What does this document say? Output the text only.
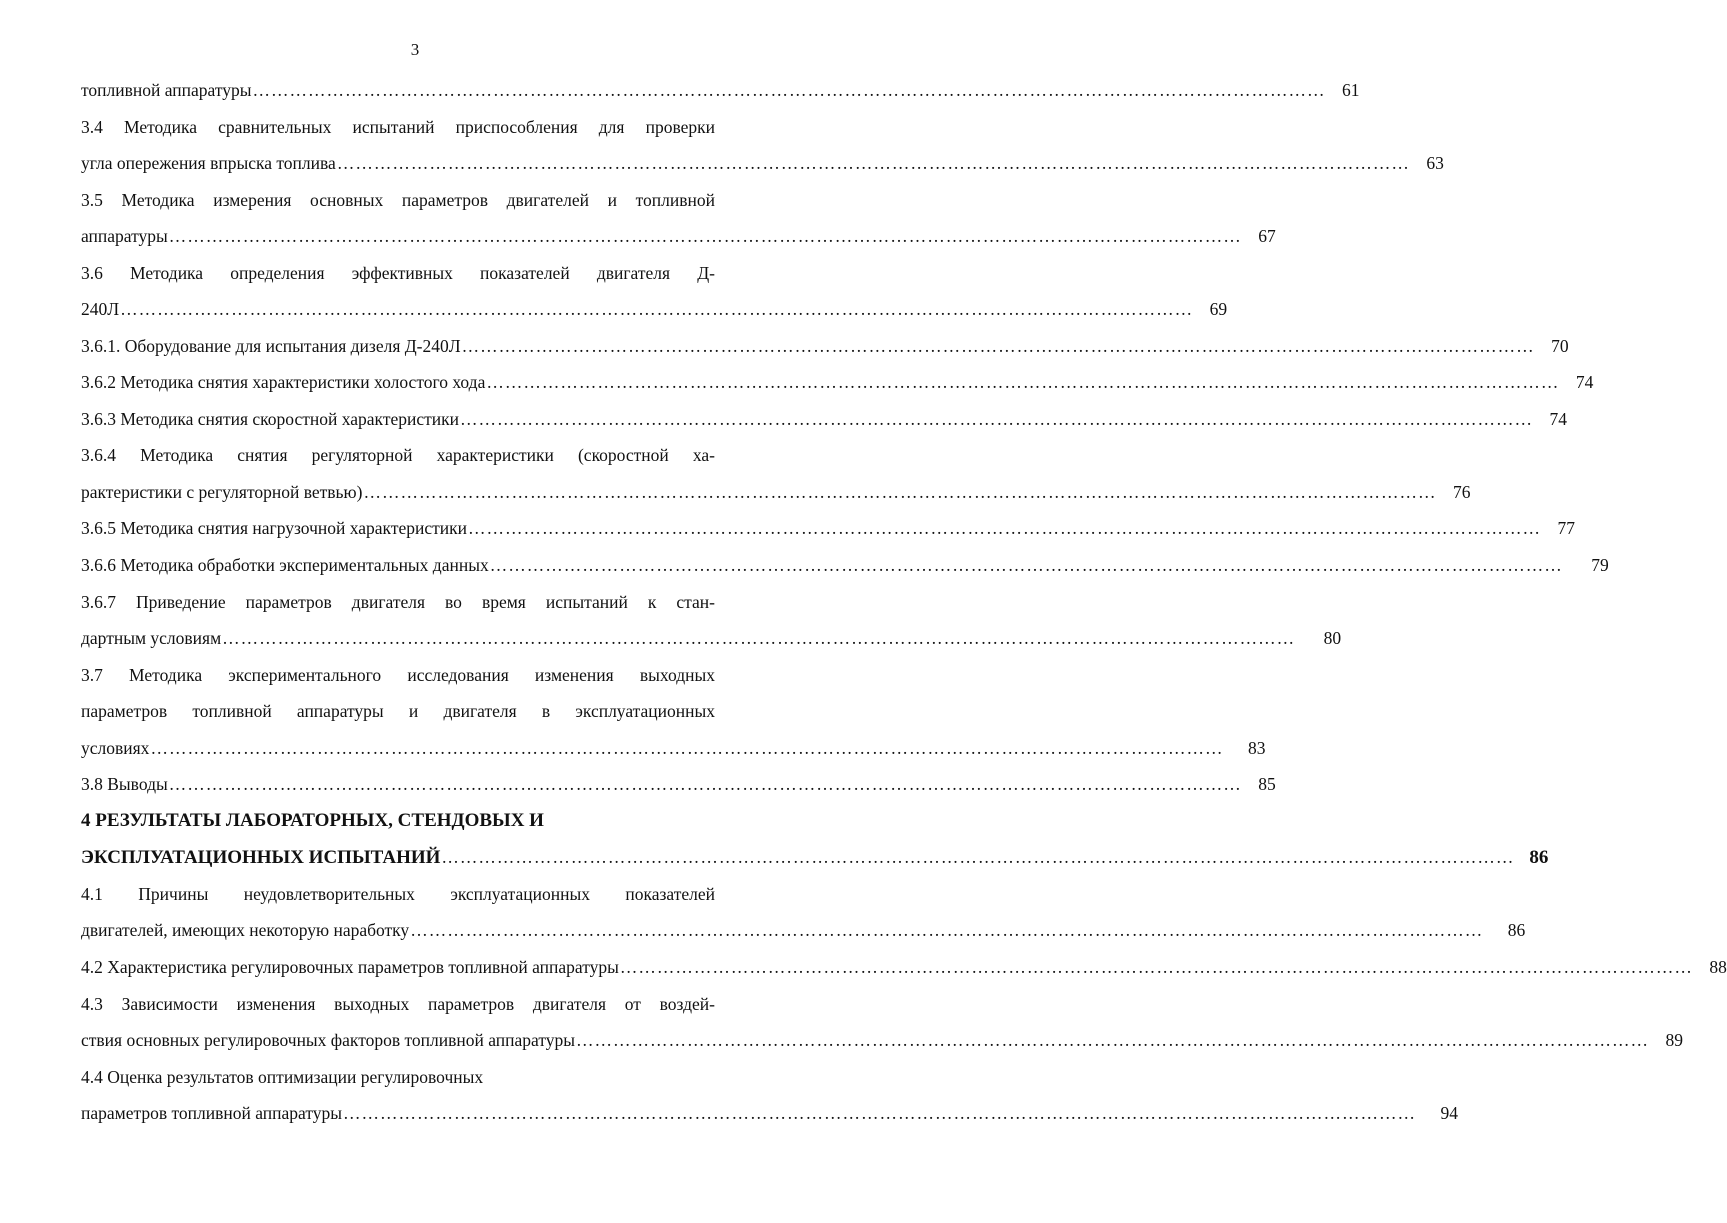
3
топливной аппаратуры ………………………………………………………………………………………………………………………………………………………… 61
3.4 Методика сравнительных испытаний приспособления для проверки
угла опережения впрыска топлива ………………………………………………………………………………………………………………………………………………………… 63
3.5 Методика измерения основных параметров двигателей и топливной
аппаратуры ………………………………………………………………………………………………………………………………………………………… 67
3.6 Методика определения эффективных показателей двигателя Д-
240Л ………………………………………………………………………………………………………………………………………………………… 69
3.6.1. Оборудование для испытания дизеля Д-240Л ………………………………………………………………………………………………………………………………………………………… 70
3.6.2 Методика снятия характеристики холостого хода ………………………………………………………………………………………………………………………………………………………… 74
3.6.3 Методика снятия скоростной характеристики ………………………………………………………………………………………………………………………………………………………… 74
3.6.4 Методика снятия регуляторной характеристики (скоростной ха-
рактеристики с регуляторной ветвью) ………………………………………………………………………………………………………………………………………………………… 76
3.6.5 Методика снятия нагрузочной характеристики ………………………………………………………………………………………………………………………………………………………… 77
3.6.6 Методика обработки экспериментальных данных …………………………………………………………………………………………………………………………………………………………	79
3.6.7 Приведение параметров двигателя во время испытаний к стан-
дартным условиям …………………………………………………………………………………………………………………………………………………………	80
3.7 Методика экспериментального исследования изменения выходных
параметров топливной аппаратуры и двигателя в эксплуатационных
условиях …………………………………………………………………………………………………………………………………………………………	83
3.8 Выводы ………………………………………………………………………………………………………………………………………………………… 85
4 РЕЗУЛЬТАТЫ ЛАБОРАТОРНЫХ, СТЕНДОВЫХ И
ЭКСПЛУАТАЦИОННЫХ ИСПЫТАНИЙ ………………………………………………………………………………………………………………………………………………………… 86
4.1 Причины неудовлетворительных эксплуатационных показателей
двигателей, имеющих некоторую наработку …………………………………………………………………………………………………………………………………………………………	86
4.2 Характеристика регулировочных параметров топливной аппаратуры ………………………………………………………………………………………………………………………………………………………… 88
4.3 Зависимости изменения выходных параметров двигателя от воздей-
ствия основных регулировочных факторов топливной аппаратуры ………………………………………………………………………………………………………………………………………………………… 89
4.4 Оценка результатов оптимизации регулировочных
параметров топливной аппаратуры …………………………………………………………………………………………………………………………………………………………	94
